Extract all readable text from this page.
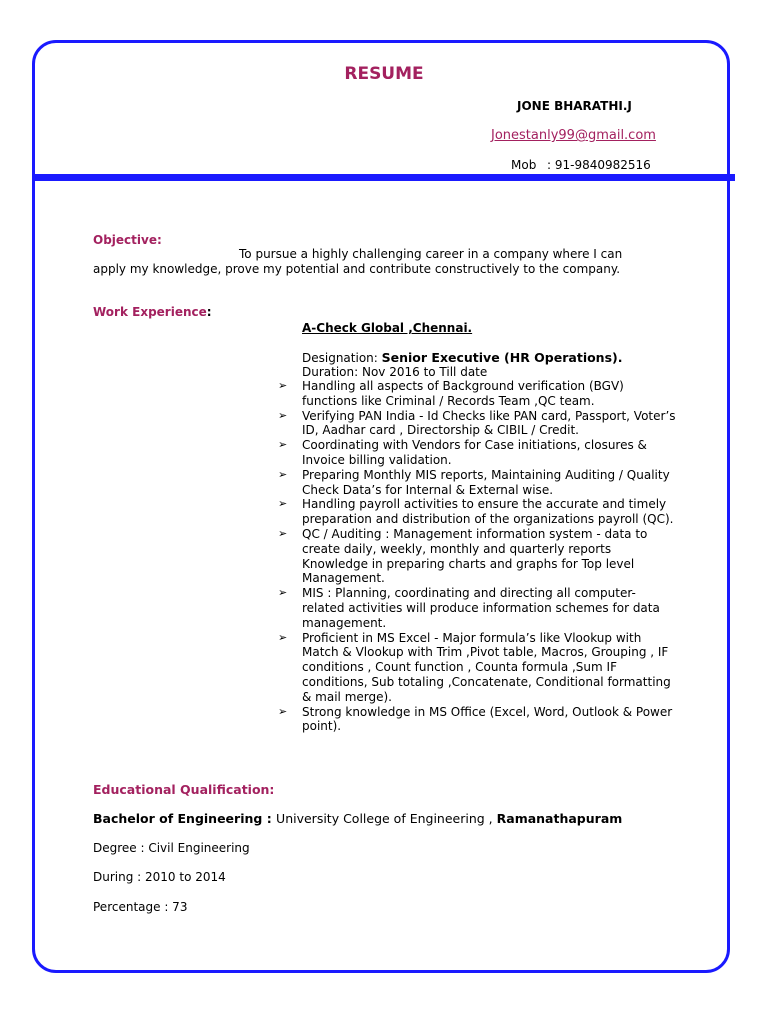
RESUME
JONE BHARATHI.J
Jonestanly99@gmail.com
Mob : 91-9840982516
Objective:
To pursue a highly challenging career in a company where I can
apply my knowledge, prove my potential and contribute constructively to the company.
Work Experience:
A-Check Global ,Chennai.
Designation: Senior Executive (HR Operations).
Duration: Nov 2016 to Till date
➢ Handling all aspects of Background verification (BGV) functions like Criminal / Records Team ,QC team.
➢ Verifying PAN India - Id Checks like PAN card, Passport, Voter’s ID, Aadhar card , Directorship & CIBIL / Credit.
➢ Coordinating with Vendors for Case initiations, closures & Invoice billing validation.
➢ Preparing Monthly MIS reports, Maintaining Auditing / Quality Check Data’s for Internal & External wise.
➢ Handling payroll activities to ensure the accurate and timely preparation and distribution of the organizations payroll (QC).
➢ QC / Auditing : Management information system - data to create daily, weekly, monthly and quarterly reports Knowledge in preparing charts and graphs for Top level Management.
➢ MIS : Planning, coordinating and directing all computer-related activities will produce information schemes for data management.
➢ Proficient in MS Excel - Major formula’s like Vlookup with Match & Vlookup with Trim ,Pivot table, Macros, Grouping , IF conditions , Count function , Counta formula ,Sum IF conditions, Sub totaling ,Concatenate, Conditional formatting & mail merge).
➢ Strong knowledge in MS Office (Excel, Word, Outlook & Power point).
Educational Qualification:
Bachelor of Engineering : University College of Engineering , Ramanathapuram
Degree : Civil Engineering
During : 2010 to 2014
Percentage : 73
